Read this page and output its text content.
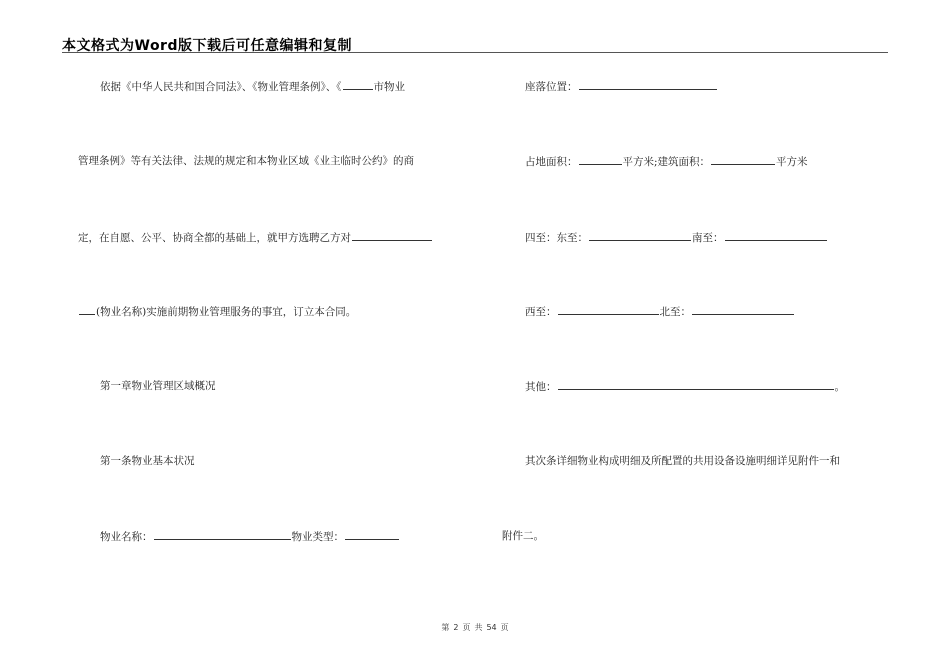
本文格式为Word版下载后可任意编辑和复制
依据《中华人民共和国合同法》、《物业管理条例》、《	市物业
管理条例》等有关法律、法规的规定和本物业区域《业主临时公约》的商
定，在自愿、公平、协商全都的基础上，就甲方选聘乙方对
(物业名称)实施前期物业管理服务的事宜，订立本合同。
第一章物业管理区域概况
第一条物业基本状况
物业名称：	物业类型：
座落位置：
占地面积：	平方米;建筑面积：	平方米
四至：东至：	南至：
西至：	北至：
其他：	。
其次条详细物业构成明细及所配置的共用设备设施明细详见附件一和
附件二。
第 2 页 共 54 页
